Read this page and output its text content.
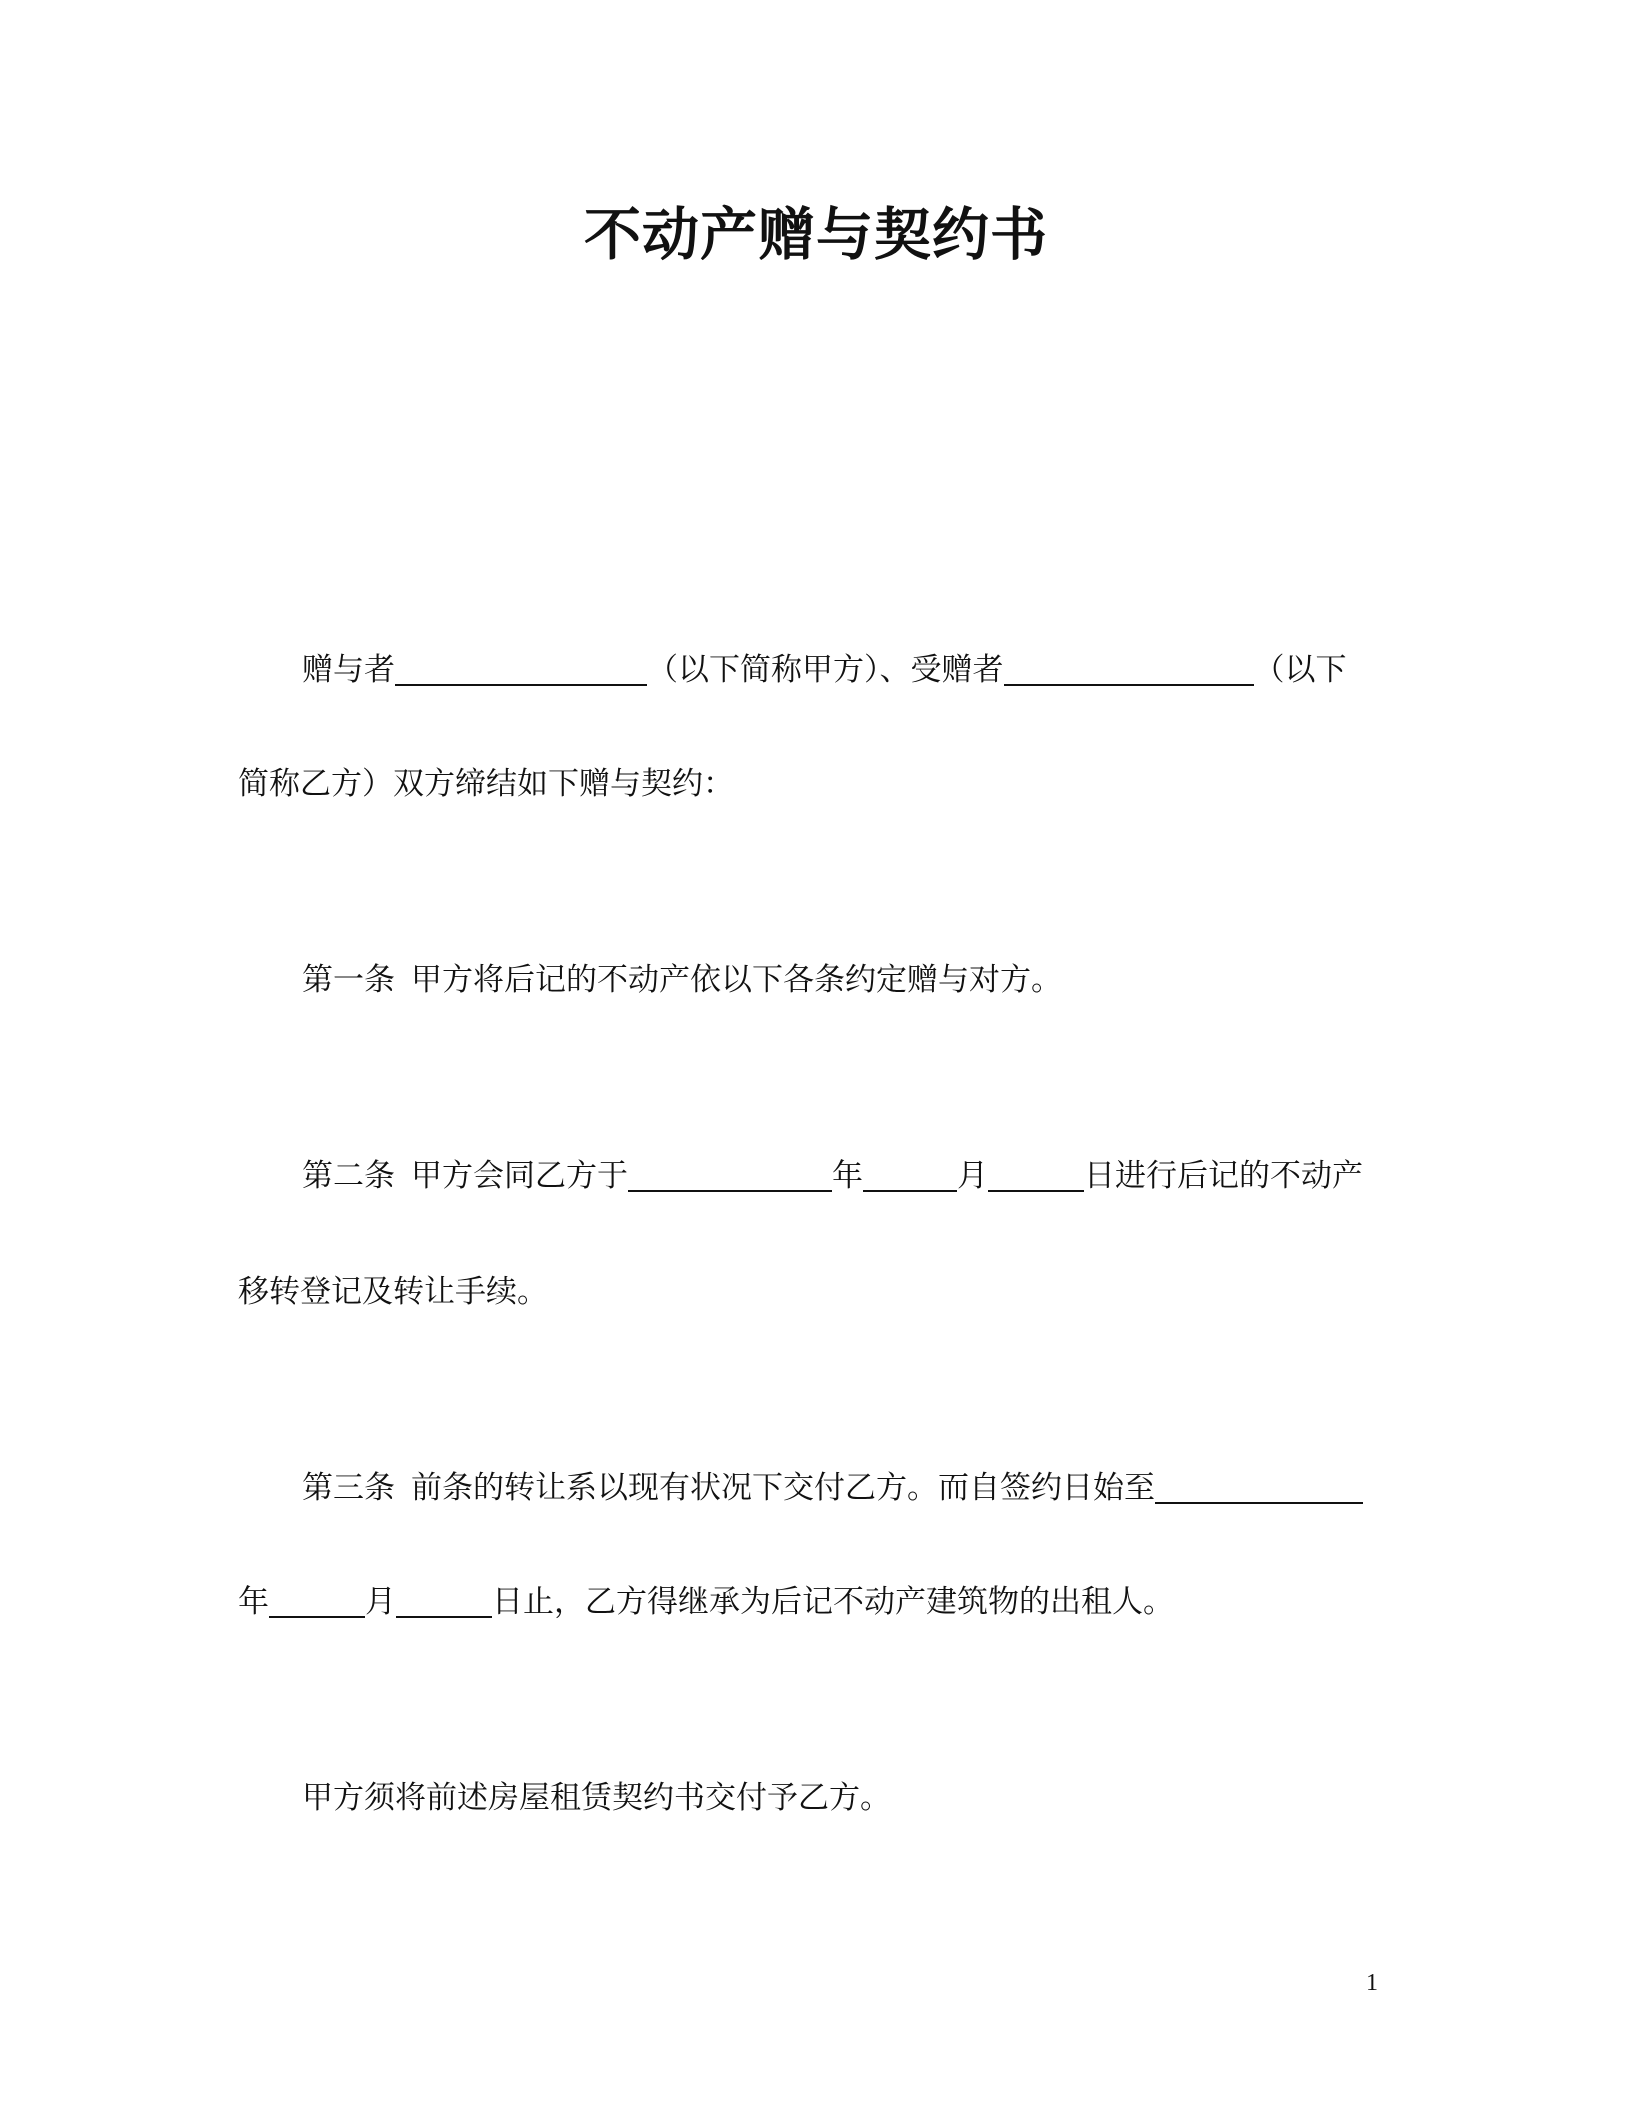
不动产赠与契约书

赠与者	（以下简称甲方）、受赠者	（以下

简称乙方）双方缔结如下赠与契约：

第一条 甲方将后记的不动产依以下各条约定赠与对方。

第二条 甲方会同乙方于	年	月	日进行后记的不动产

移转登记及转让手续。

第三条 前条的转让系以现有状况下交付乙方。而自签约日始至

年	月	日止，乙方得继承为后记不动产建筑物的出租人。

甲方须将前述房屋租赁契约书交付予乙方。

1
